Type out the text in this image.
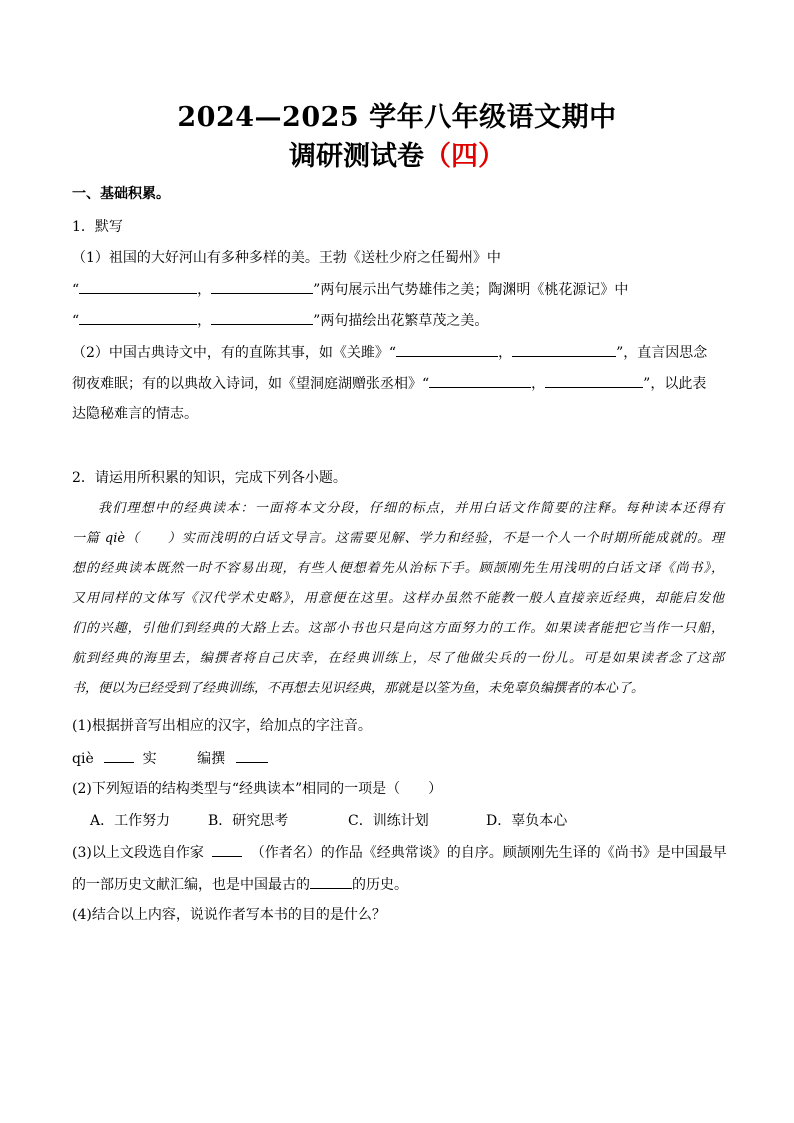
2024—2025 学年八年级语文期中
调研测试卷（四）
一、基础积累。
1．默写
（1）祖国的大好河山有多种多样的美。王勃《送杜少府之任蜀州》中
“	，	”两句展示出气势雄伟之美；陶渊明《桃花源记》中
“	，	”两句描绘出花繁草茂之美。
（2）中国古典诗文中，有的直陈其事，如《关雎》“	，	”，直言因思念
彻夜难眠；有的以典故入诗词，如《望洞庭湖赠张丞相》“	，	”，以此表
达隐秘难言的情志。
2．请运用所积累的知识，完成下列各小题。
我们理想中的经典读本：一面将本文分段，仔细的标点，并用白话文作简要的注释。每种读本还得有
一篇 qiè（　　）实而浅明的白话文导言。这需要见解、学力和经验，不是一个人一个时期所能成就的。理
想的经典读本既然一时不容易出现，有些人便想着先从治标下手。顾颉刚先生用浅明的白话文译《尚书》，
又用同样的文体写《汉代学术史略》，用意便在这里。这样办虽然不能教一般人直接亲近经典，却能启发他
们的兴趣，引他们到经典的大路上去。这部小书也只是向这方面努力的工作。如果读者能把它当作一只船，
航到经典的海里去，编撰者将自己庆幸，在经典训练上，尽了他做尖兵的一份儿。可是如果读者念了这部
书，便以为已经受到了经典训练，不再想去见识经典，那就是以筌为鱼，未免辜负编撰者的本心了。
(1)根据拼音写出相应的汉字，给加点的字注音。
qiè	实	编撰
(2)下列短语的结构类型与“经典读本”相同的一项是（　　）
A．工作努力	B．研究思考	C．训练计划	D．辜负本心
(3)以上文段选自作家	（作者名）的作品《经典常谈》的自序。顾颉刚先生译的《尚书》是中国最早
的一部历史文献汇编，也是中国最古的	的历史。
(4)结合以上内容，说说作者写本书的目的是什么？
